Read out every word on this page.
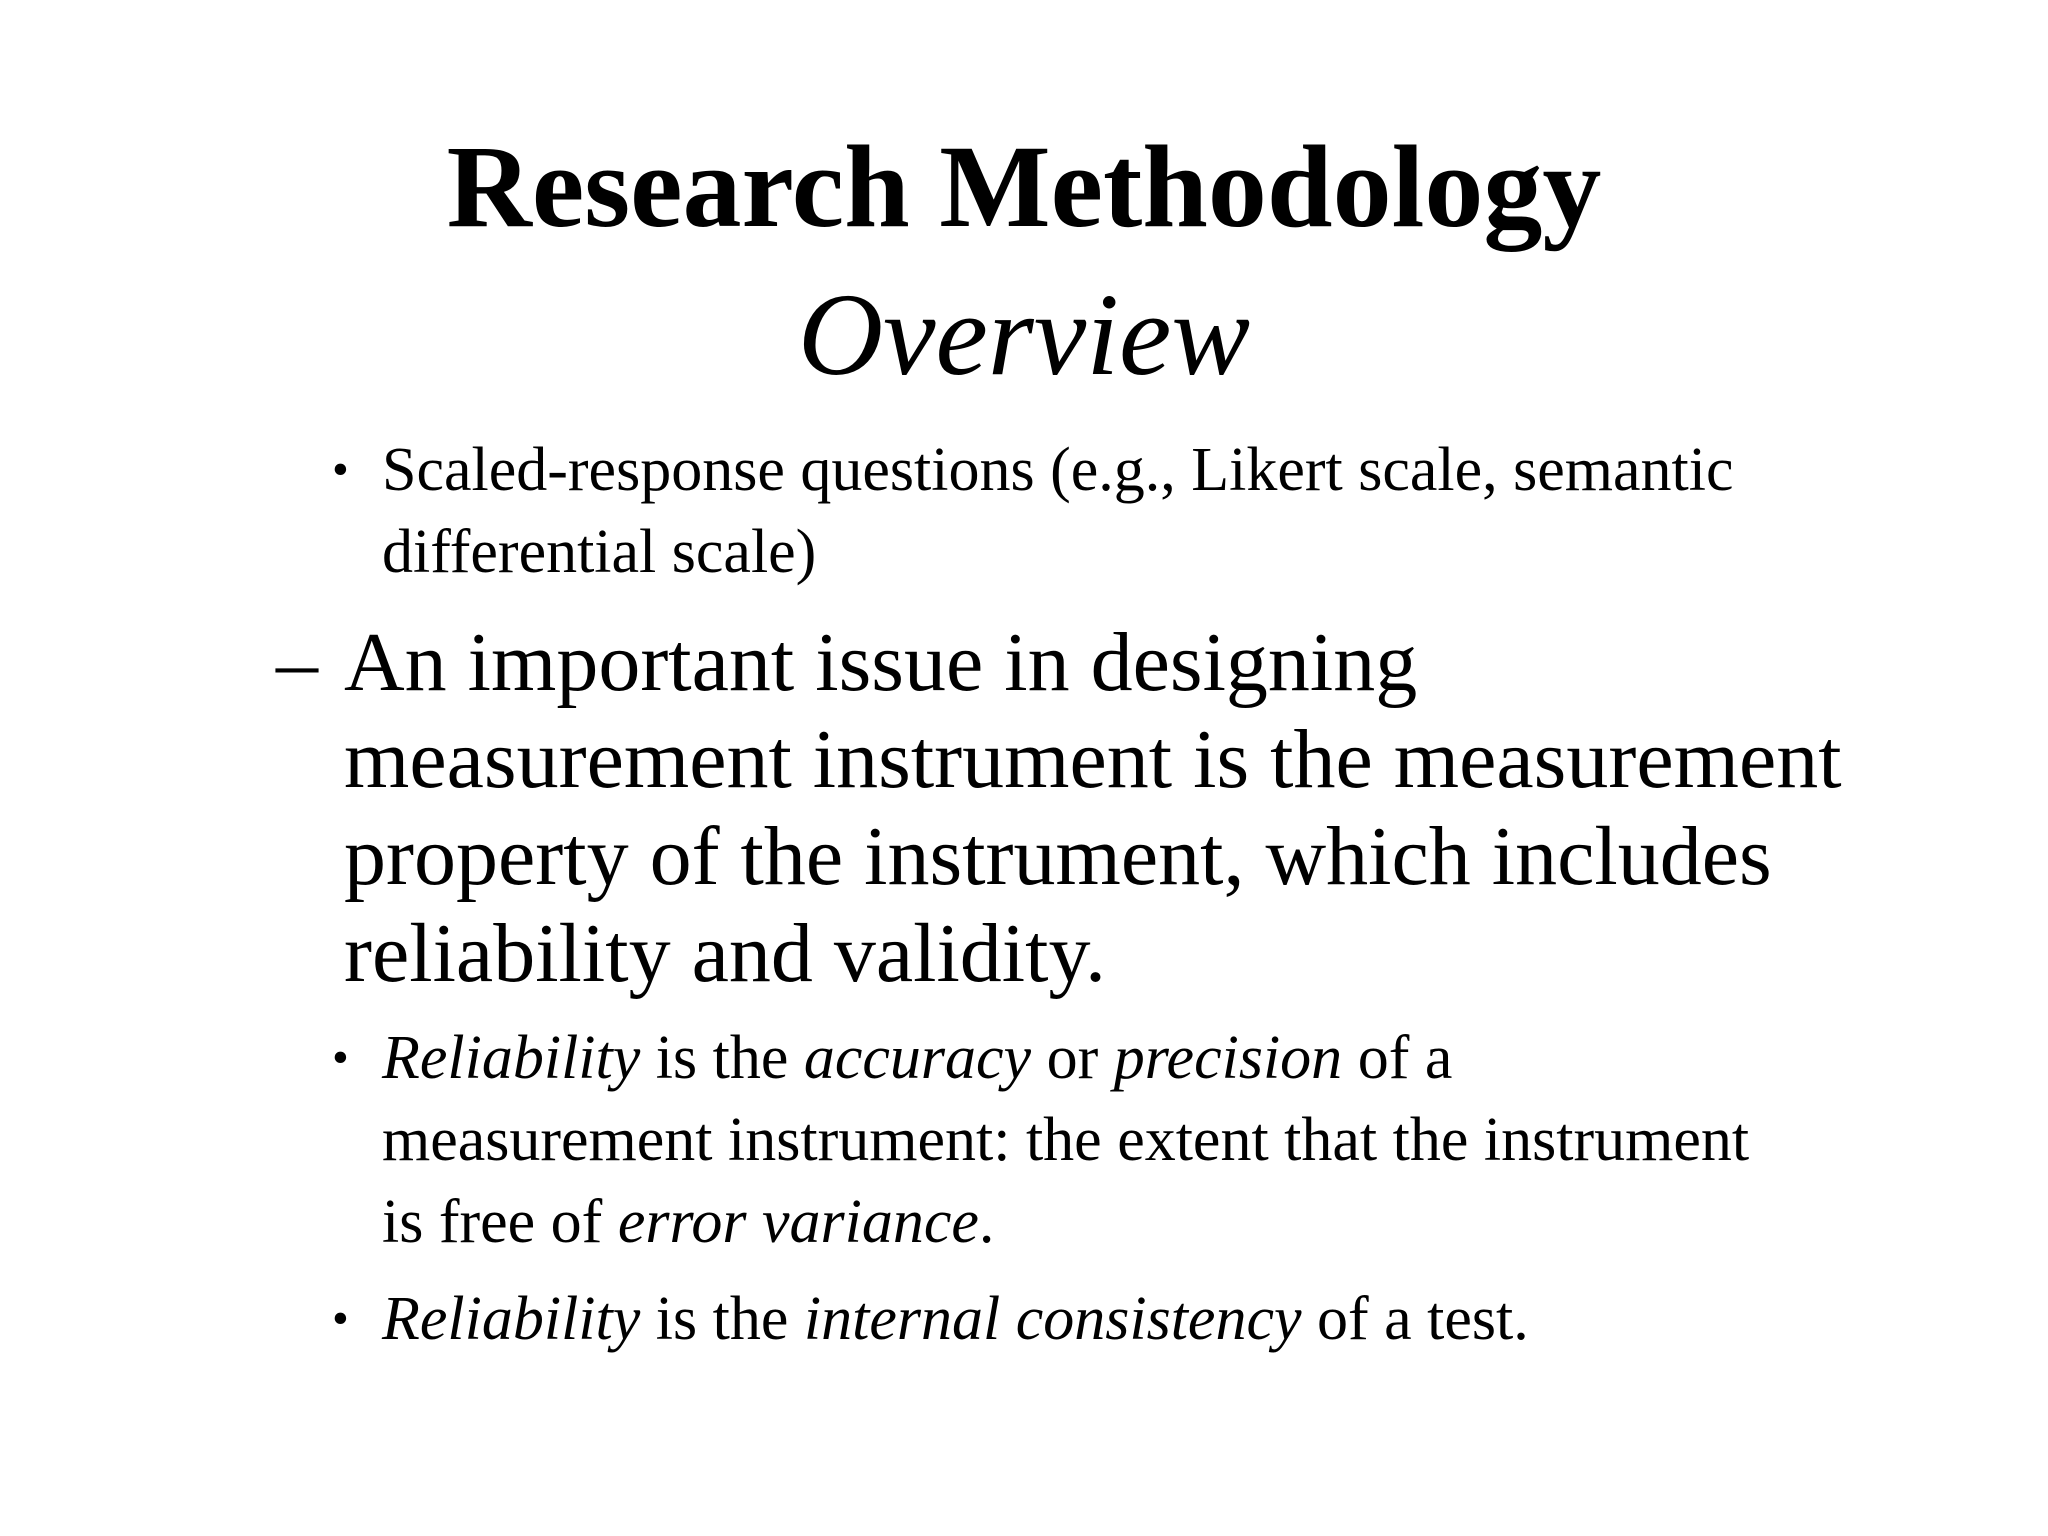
Research Methodology
Overview
• Scaled-response questions (e.g., Likert scale, semantic differential scale)
– An important issue in designing measurement instrument is the measurement property of the instrument, which includes reliability and validity.
• Reliability is the accuracy or precision of a measurement instrument: the extent that the instrument is free of error variance.
• Reliability is the internal consistency of a test.
